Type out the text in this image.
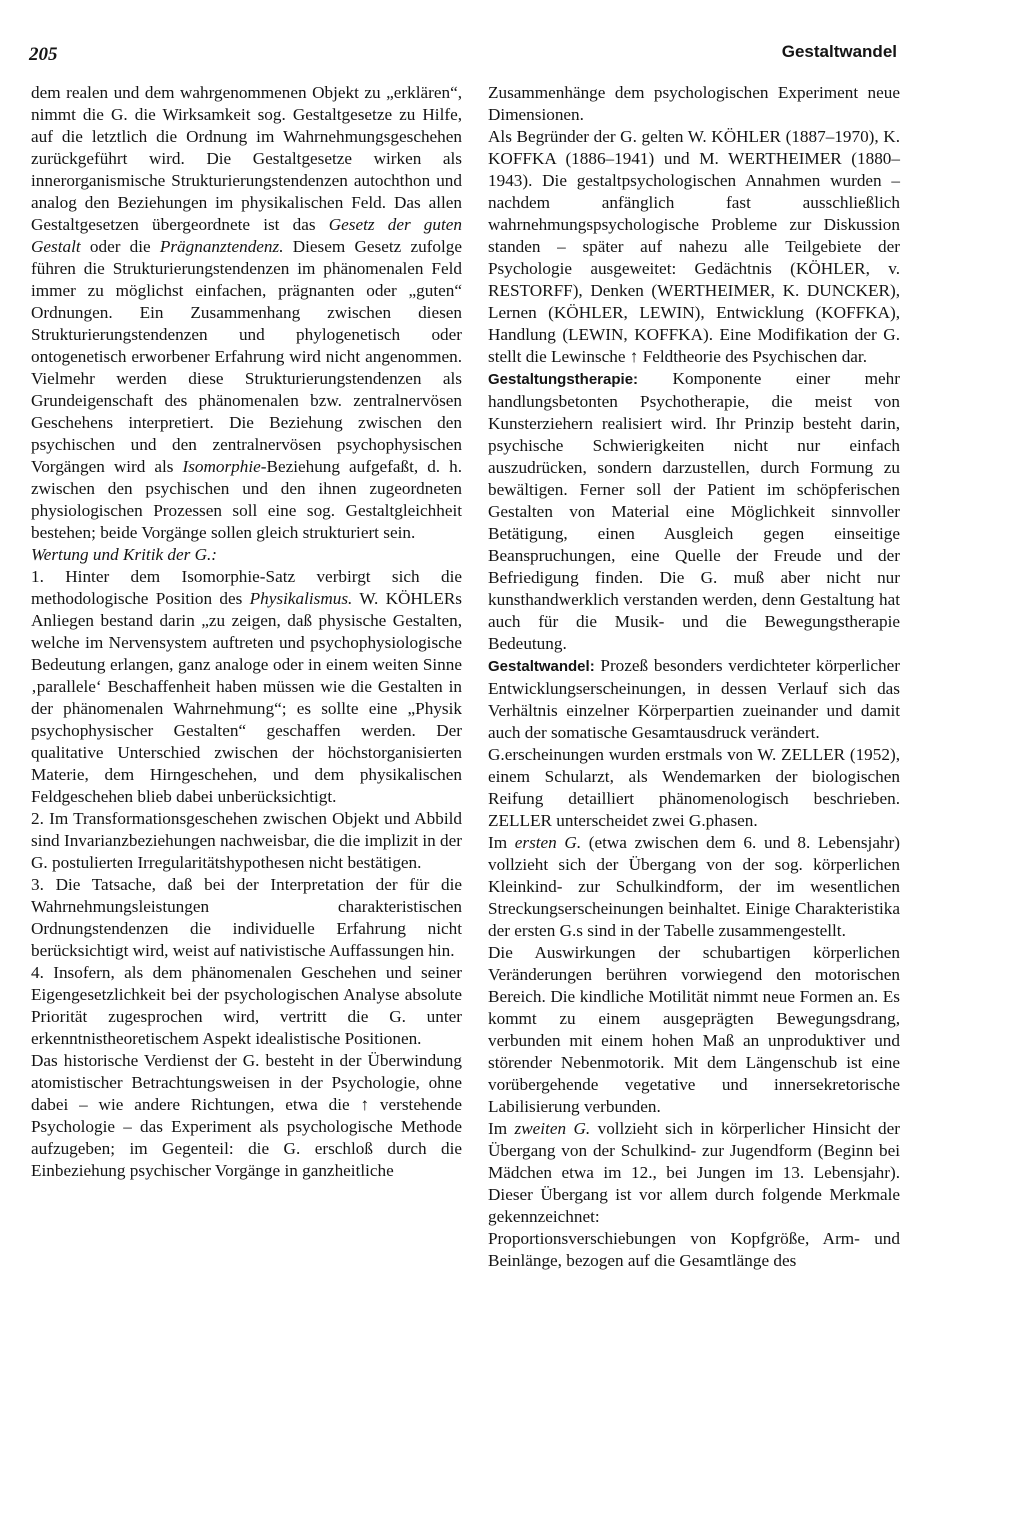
205	Gestaltwandel

dem realen und dem wahrgenommenen Objekt zu „erklären“, nimmt die G. die Wirksamkeit sog. Gestaltgesetze zu Hilfe, auf die letztlich die Ordnung im Wahrnehmungsgeschehen zurückgeführt wird. Die Gestaltgesetze wirken als innerorganismische Strukturierungstendenzen autochthon und analog den Beziehungen im physikalischen Feld. Das allen Gestaltgesetzen übergeordnete ist das Gesetz der guten Gestalt oder die Prägnanztendenz. Diesem Gesetz zufolge führen die Strukturierungstendenzen im phänomenalen Feld immer zu möglichst einfachen, prägnanten oder „guten“ Ordnungen. Ein Zusammenhang zwischen diesen Strukturierungstendenzen und phylogenetisch oder ontogenetisch erworbener Erfahrung wird nicht angenommen. Vielmehr werden diese Strukturierungstendenzen als Grundeigenschaft des phänomenalen bzw. zentralnervösen Geschehens interpretiert. Die Beziehung zwischen den psychischen und den zentralnervösen psychophysischen Vorgängen wird als Isomorphie-Beziehung aufgefaßt, d. h. zwischen den psychischen und den ihnen zugeordneten physiologischen Prozessen soll eine sog. Gestaltgleichheit bestehen; beide Vorgänge sollen gleich strukturiert sein.

Wertung und Kritik der G.:

1. Hinter dem Isomorphie-Satz verbirgt sich die methodologische Position des Physikalismus. W. KÖHLERs Anliegen bestand darin „zu zeigen, daß physische Gestalten, welche im Nervensystem auftreten und psychophysiologische Bedeutung erlangen, ganz analoge oder in einem weiten Sinne ‚parallele‘ Beschaffenheit haben müssen wie die Gestalten in der phänomenalen Wahrnehmung“; es sollte eine „Physik psychophysischer Gestalten“ geschaffen werden. Der qualitative Unterschied zwischen der höchstorganisierten Materie, dem Hirngeschehen, und dem physikalischen Feldgeschehen blieb dabei unberücksichtigt.

2. Im Transformationsgeschehen zwischen Objekt und Abbild sind Invarianzbeziehungen nachweisbar, die die implizit in der G. postulierten Irregularitätshypothesen nicht bestätigen.

3. Die Tatsache, daß bei der Interpretation der für die Wahrnehmungsleistungen charakteristischen Ordnungstendenzen die individuelle Erfahrung nicht berücksichtigt wird, weist auf nativistische Auffassungen hin.

4. Insofern, als dem phänomenalen Geschehen und seiner Eigengesetzlichkeit bei der psychologischen Analyse absolute Priorität zugesprochen wird, vertritt die G. unter erkenntnistheoretischem Aspekt idealistische Positionen.

Das historische Verdienst der G. besteht in der Überwindung atomistischer Betrachtungsweisen in der Psychologie, ohne dabei – wie andere Richtungen, etwa die ↑ verstehende Psychologie – das Experiment als psychologische Methode aufzugeben; im Gegenteil: die G. erschloß durch die Einbeziehung psychischer Vorgänge in ganzheitliche

Zusammenhänge dem psychologischen Experiment neue Dimensionen.

Als Begründer der G. gelten W. KÖHLER (1887–1970), K. KOFFKA (1886–1941) und M. WERTHEIMER (1880–1943). Die gestaltpsychologischen Annahmen wurden – nachdem anfänglich fast ausschließlich wahrnehmungspsychologische Probleme zur Diskussion standen – später auf nahezu alle Teilgebiete der Psychologie ausgeweitet: Gedächtnis (KÖHLER, v. RESTORFF), Denken (WERTHEIMER, K. DUNCKER), Lernen (KÖHLER, LEWIN), Entwicklung (KOFFKA), Handlung (LEWIN, KOFFKA). Eine Modifikation der G. stellt die Lewinsche ↑ Feldtheorie des Psychischen dar.

Gestaltungstherapie: Komponente einer mehr handlungsbetonten Psychotherapie, die meist von Kunsterziehern realisiert wird. Ihr Prinzip besteht darin, psychische Schwierigkeiten nicht nur einfach auszudrücken, sondern darzustellen, durch Formung zu bewältigen. Ferner soll der Patient im schöpferischen Gestalten von Material eine Möglichkeit sinnvoller Betätigung, einen Ausgleich gegen einseitige Beanspruchungen, eine Quelle der Freude und der Befriedigung finden. Die G. muß aber nicht nur kunsthandwerklich verstanden werden, denn Gestaltung hat auch für die Musik- und die Bewegungstherapie Bedeutung.

Gestaltwandel: Prozeß besonders verdichteter körperlicher Entwicklungserscheinungen, in dessen Verlauf sich das Verhältnis einzelner Körperpartien zueinander und damit auch der somatische Gesamtausdruck verändert.

G.erscheinungen wurden erstmals von W. ZELLER (1952), einem Schularzt, als Wendemarken der biologischen Reifung detailliert phänomenologisch beschrieben. ZELLER unterscheidet zwei G.phasen.

Im ersten G. (etwa zwischen dem 6. und 8. Lebensjahr) vollzieht sich der Übergang von der sog. körperlichen Kleinkind- zur Schulkindform, der im wesentlichen Streckungserscheinungen beinhaltet. Einige Charakteristika der ersten G.s sind in der Tabelle zusammengestellt.

Die Auswirkungen der schubartigen körperlichen Veränderungen berühren vorwiegend den motorischen Bereich. Die kindliche Motilität nimmt neue Formen an. Es kommt zu einem ausgeprägten Bewegungsdrang, verbunden mit einem hohen Maß an unproduktiver und störender Nebenmotorik. Mit dem Längenschub ist eine vorübergehende vegetative und innersekretorische Labilisierung verbunden.

Im zweiten G. vollzieht sich in körperlicher Hinsicht der Übergang von der Schulkind- zur Jugendform (Beginn bei Mädchen etwa im 12., bei Jungen im 13. Lebensjahr). Dieser Übergang ist vor allem durch folgende Merkmale gekennzeichnet:

Proportionsverschiebungen von Kopfgröße, Arm- und Beinlänge, bezogen auf die Gesamtlänge des
